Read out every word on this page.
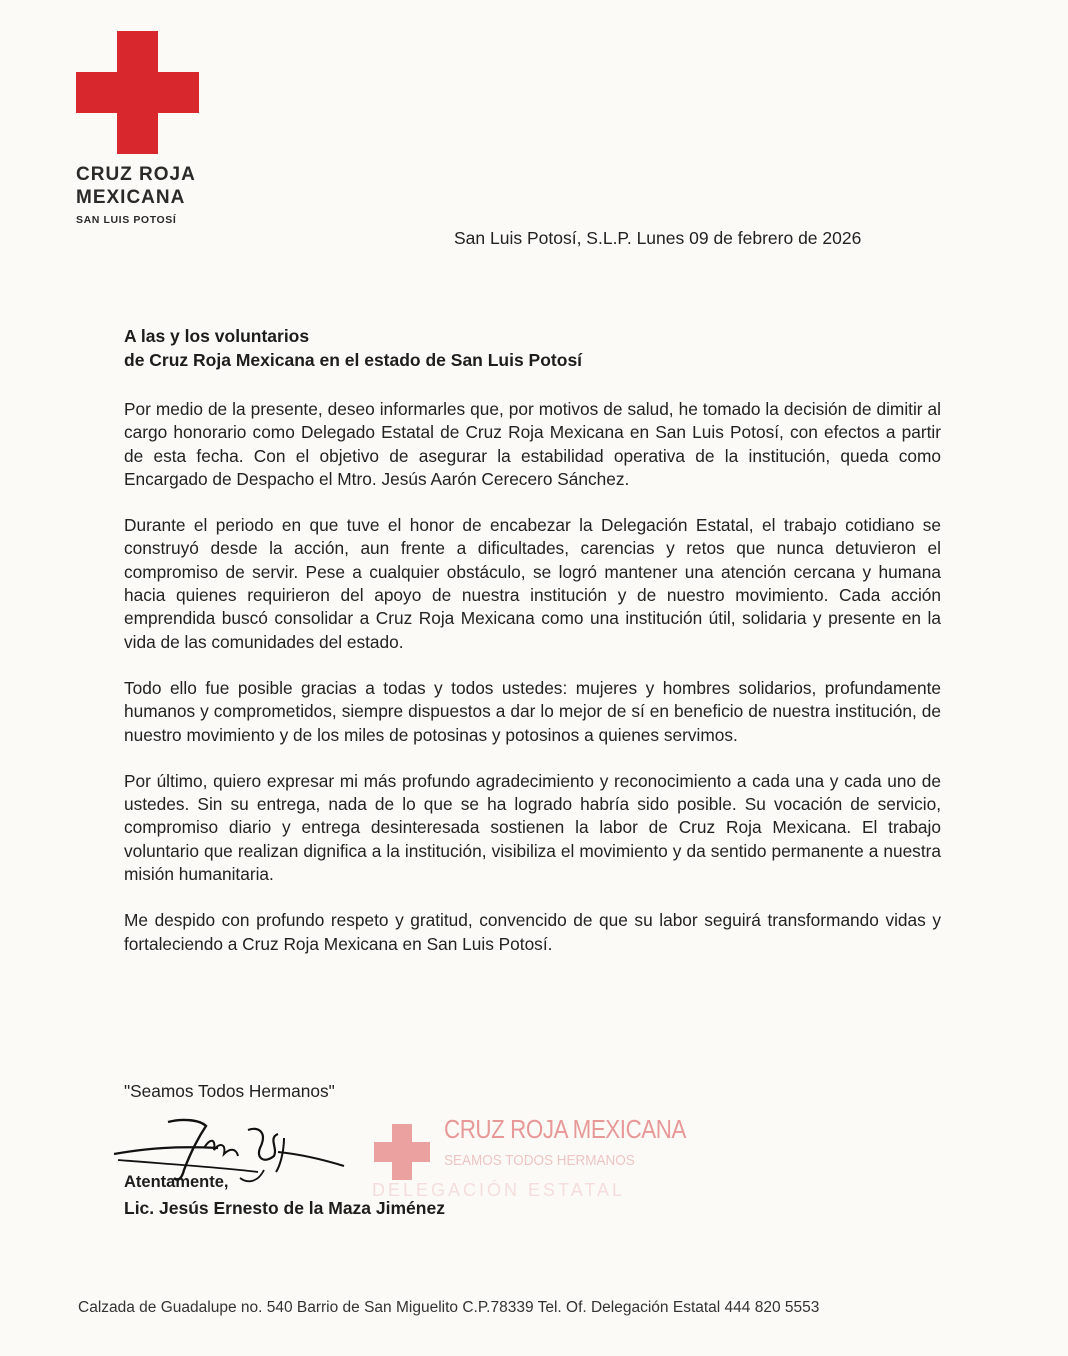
CRUZ ROJA
MEXICANA
SAN LUIS POTOSÍ
San Luis Potosí, S.L.P. Lunes 09 de febrero de 2026
A las y los voluntarios
de Cruz Roja Mexicana en el estado de San Luis Potosí

Por medio de la presente, deseo informarles que, por motivos de salud, he tomado la decisión de dimitir al cargo honorario como Delegado Estatal de Cruz Roja Mexicana en San Luis Potosí, con efectos a partir de esta fecha. Con el objetivo de asegurar la estabilidad operativa de la institución, queda como Encargado de Despacho el Mtro. Jesús Aarón Cerecero Sánchez.

Durante el periodo en que tuve el honor de encabezar la Delegación Estatal, el trabajo cotidiano se construyó desde la acción, aun frente a dificultades, carencias y retos que nunca detuvieron el compromiso de servir. Pese a cualquier obstáculo, se logró mantener una atención cercana y humana hacia quienes requirieron del apoyo de nuestra institución y de nuestro movimiento. Cada acción emprendida buscó consolidar a Cruz Roja Mexicana como una institución útil, solidaria y presente en la vida de las comunidades del estado.

Todo ello fue posible gracias a todas y todos ustedes: mujeres y hombres solidarios, profundamente humanos y comprometidos, siempre dispuestos a dar lo mejor de sí en beneficio de nuestra institución, de nuestro movimiento y de los miles de potosinas y potosinos a quienes servimos.

Por último, quiero expresar mi más profundo agradecimiento y reconocimiento a cada una y cada uno de ustedes. Sin su entrega, nada de lo que se ha logrado habría sido posible. Su vocación de servicio, compromiso diario y entrega desinteresada sostienen la labor de Cruz Roja Mexicana. El trabajo voluntario que realizan dignifica a la institución, visibiliza el movimiento y da sentido permanente a nuestra misión humanitaria.

Me despido con profundo respeto y gratitud, convencido de que su labor seguirá transformando vidas y fortaleciendo a Cruz Roja Mexicana en San Luis Potosí.

"Seamos Todos Hermanos"
CRUZ ROJA MEXICANA
SEAMOS TODOS HERMANOS
DELEGACIÓN ESTATAL
Atentamente,
Lic. Jesús Ernesto de la Maza Jiménez
Calzada de Guadalupe no. 540 Barrio de San Miguelito C.P.78339 Tel. Of. Delegación Estatal 444 820 5553
